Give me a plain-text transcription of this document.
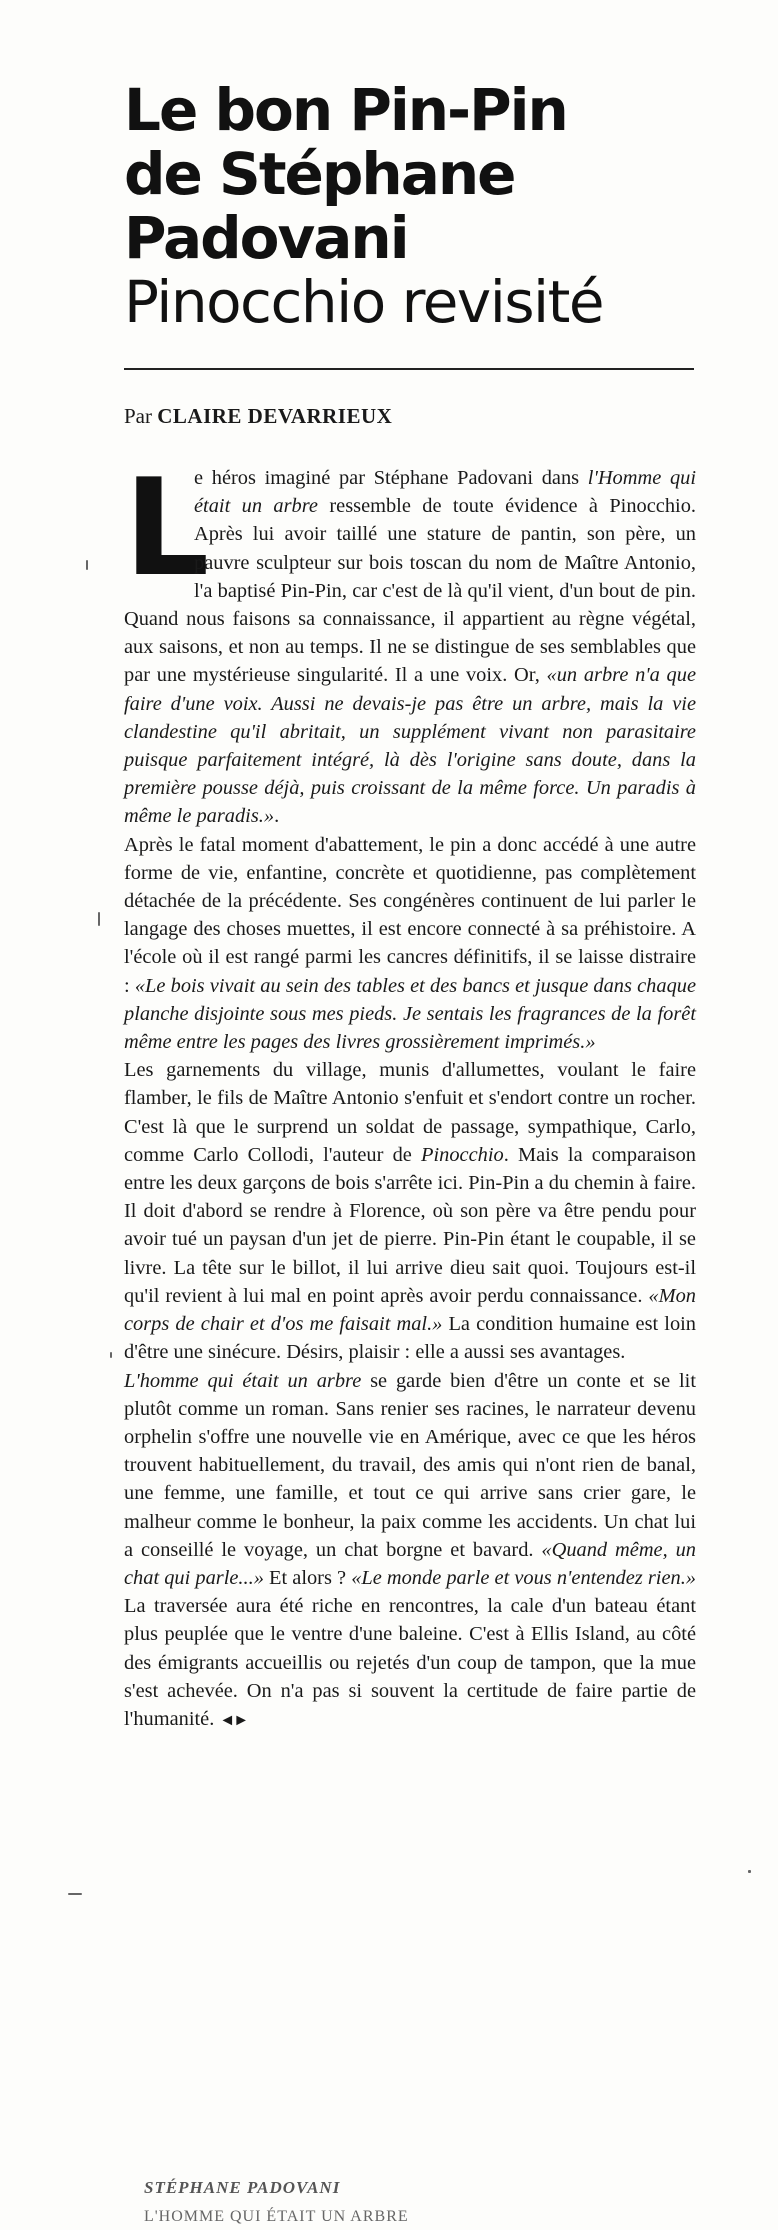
Le bon Pin-Pin
de Stéphane
Padovani
Pinocchio revisité
Par CLAIRE DEVARRIEUX
L

e héros imaginé par Stéphane Padovani dans l'Homme qui était un arbre ressemble de toute évidence à Pinocchio. Après lui avoir taillé une stature de pantin, son père, un pauvre sculpteur sur bois toscan du nom de Maître Antonio, l'a baptisé Pin-Pin, car c'est de là qu'il vient, d'un bout de pin. Quand nous faisons sa connaissance, il appartient au règne végétal, aux saisons, et non au temps. Il ne se distingue de ses semblables que par une mystérieuse singularité. Il a une voix. Or, «un arbre n'a que faire d'une voix. Aussi ne devais-je pas être un arbre, mais la vie clandestine qu'il abritait, un supplément vivant non parasitaire puisque parfaitement intégré, là dès l'origine sans doute, dans la première pousse déjà, puis croissant de la même force. Un paradis à même le paradis.».

Après le fatal moment d'abattement, le pin a donc accédé à une autre forme de vie, enfantine, concrète et quotidienne, pas complètement détachée de la précédente. Ses congénères continuent de lui parler le langage des choses muettes, il est encore connecté à sa préhistoire. A l'école où il est rangé parmi les cancres définitifs, il se laisse distraire : «Le bois vivait au sein des tables et des bancs et jusque dans chaque planche disjointe sous mes pieds. Je sentais les fragrances de la forêt même entre les pages des livres grossièrement imprimés.»

Les garnements du village, munis d'allumettes, voulant le faire flamber, le fils de Maître Antonio s'enfuit et s'endort contre un rocher. C'est là que le surprend un soldat de passage, sympathique, Carlo, comme Carlo Collodi, l'auteur de Pinocchio. Mais la comparaison entre les deux garçons de bois s'arrête ici. Pin-Pin a du chemin à faire. Il doit d'abord se rendre à Florence, où son père va être pendu pour avoir tué un paysan d'un jet de pierre. Pin-Pin étant le coupable, il se livre. La tête sur le billot, il lui arrive dieu sait quoi. Toujours est-il qu'il revient à lui mal en point après avoir perdu connaissance. «Mon corps de chair et d'os me faisait mal.» La condition humaine est loin d'être une sinécure. Désirs, plaisir : elle a aussi ses avantages.

L'homme qui était un arbre se garde bien d'être un conte et se lit plutôt comme un roman. Sans renier ses racines, le narrateur devenu orphelin s'offre une nouvelle vie en Amérique, avec ce que les héros trouvent habituellement, du travail, des amis qui n'ont rien de banal, une femme, une famille, et tout ce qui arrive sans crier gare, le malheur comme le bonheur, la paix comme les accidents. Un chat lui a conseillé le voyage, un chat borgne et bavard. «Quand même, un chat qui parle...» Et alors ? «Le monde parle et vous n'entendez rien.» La traversée aura été riche en rencontres, la cale d'un bateau étant plus peuplée que le ventre d'une baleine. C'est à Ellis Island, au côté des émigrants accueillis ou rejetés d'un coup de tampon, que la mue s'est achevée. On n'a pas si souvent la certitude de faire partie de l'humanité. ◄►

STÉPHANE PADOVANI
L'HOMME QUI ÉTAIT UN ARBRE
